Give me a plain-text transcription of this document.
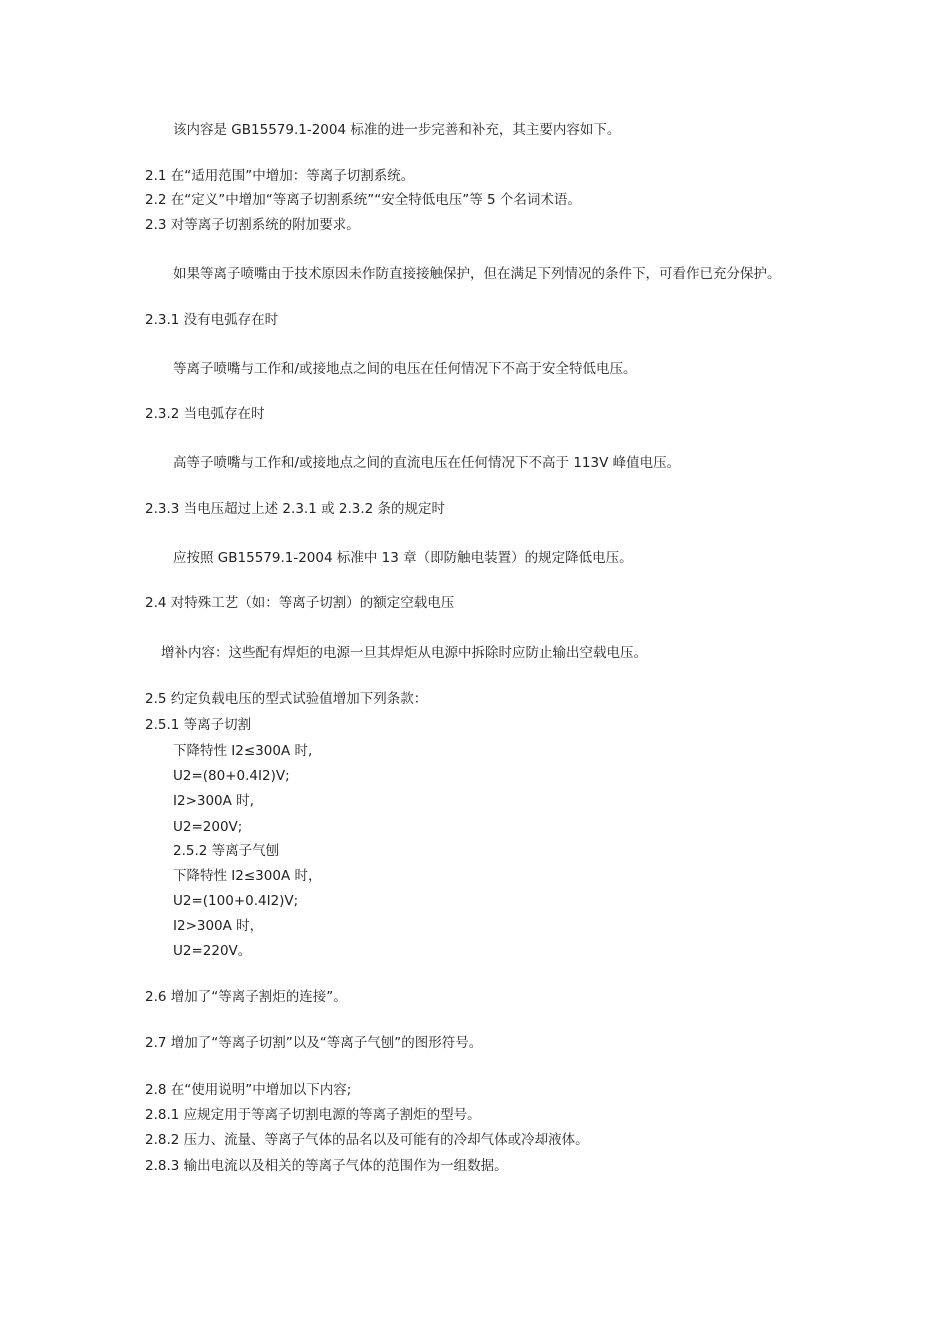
该内容是 GB15579.1-2004 标准的进一步完善和补充，其主要内容如下。
2.1 在“适用范围”中增加：等离子切割系统。
2.2 在“定义”中增加“等离子切割系统”“安全特低电压”等 5 个名词术语。
2.3 对等离子切割系统的附加要求。
如果等离子喷嘴由于技术原因未作防直接接触保护，但在满足下列情况的条件下，可看作已充分保护。
2.3.1 没有电弧存在时
等离子喷嘴与工作和/或接地点之间的电压在任何情况下不高于安全特低电压。
2.3.2 当电弧存在时
高等子喷嘴与工作和/或接地点之间的直流电压在任何情况下不高于 113V 峰值电压。
2.3.3 当电压超过上述 2.3.1 或 2.3.2 条的规定时
应按照 GB15579.1-2004 标准中 13 章（即防触电装置）的规定降低电压。
2.4 对特殊工艺（如：等离子切割）的额定空载电压
增补内容：这些配有焊炬的电源一旦其焊炬从电源中拆除时应防止输出空载电压。
2.5 约定负载电压的型式试验值增加下列条款：
2.5.1 等离子切割
下降特性 I2≤300A 时,
U2=(80+0.4I2)V;
I2>300A 时,
U2=200V;
2.5.2 等离子气刨
下降特性 I2≤300A 时，
U2=(100+0.4I2)V;
I2>300A 时，
U2=220V。
2.6 增加了“等离子割炬的连接”。
2.7 增加了“等离子切割”以及“等离子气刨”的图形符号。
2.8 在“使用说明”中增加以下内容;
2.8.1 应规定用于等离子切割电源的等离子割炬的型号。
2.8.2 压力、流量、等离子气体的品名以及可能有的冷却气体或冷却液体。
2.8.3 输出电流以及相关的等离子气体的范围作为一组数据。
